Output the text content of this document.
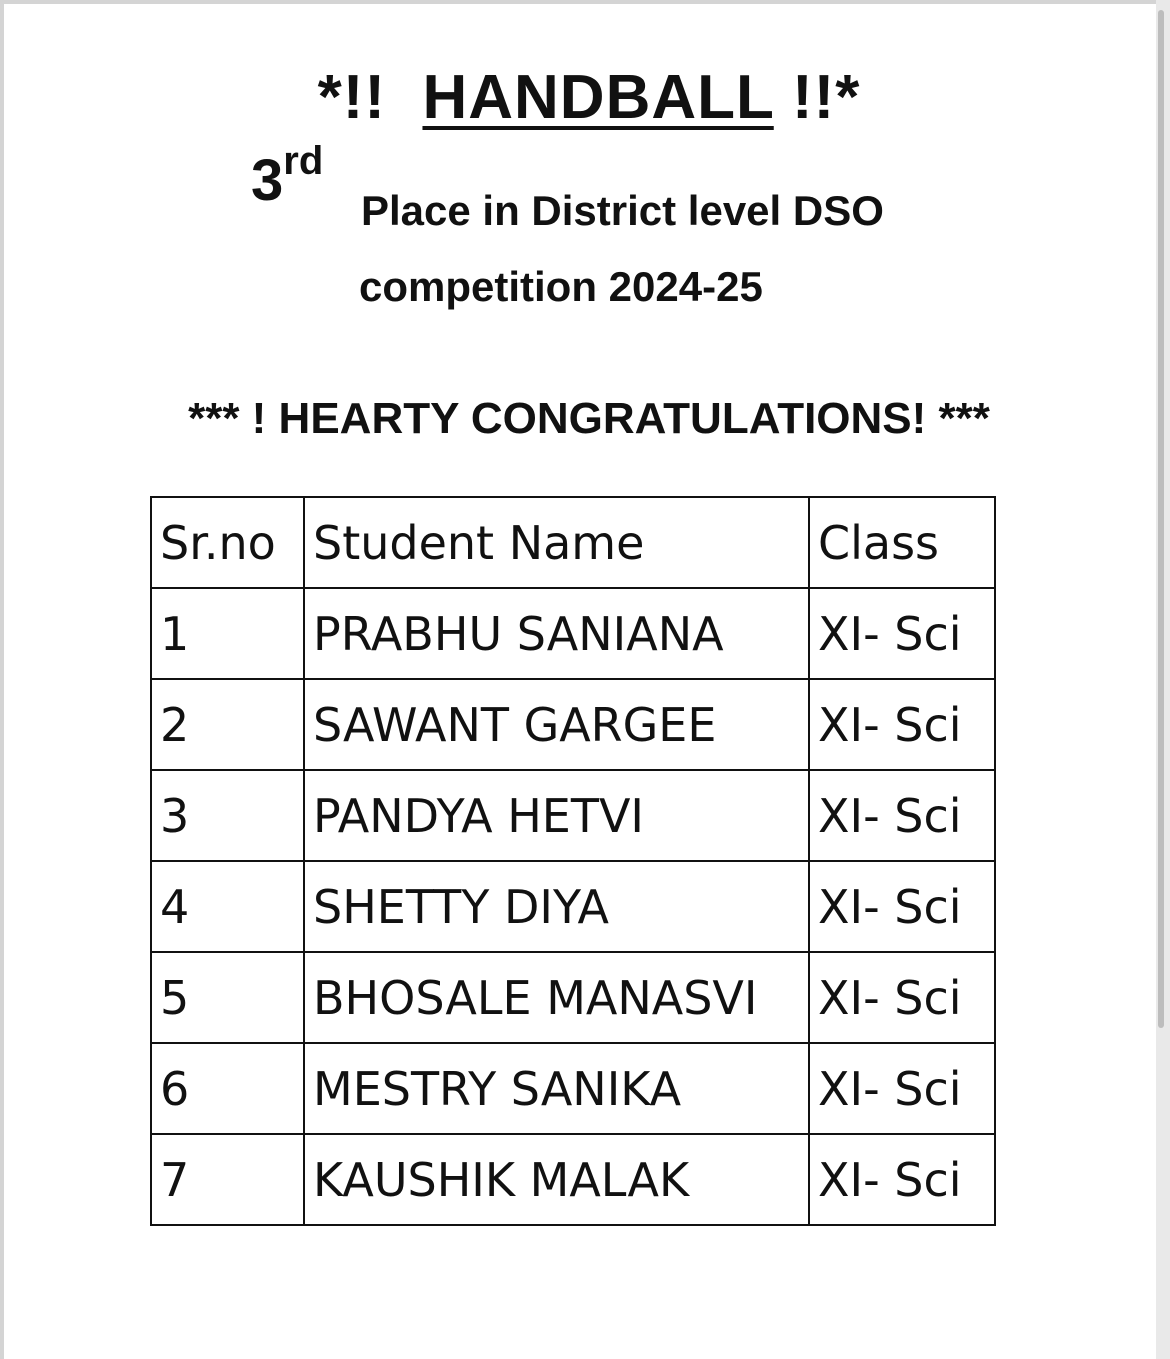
*!!  HANDBALL !!*
3rd
Place in District level DSO
competition 2024-25
*** ! HEARTY CONGRATULATIONS! ***
Sr.no	Student Name	Class
1	PRABHU SANIANA	XI- Sci
2	SAWANT GARGEE	XI- Sci
3	PANDYA HETVI	XI- Sci
4	SHETTY DIYA	XI- Sci
5	BHOSALE MANASVI	XI- Sci
6	MESTRY SANIKA	XI- Sci
7	KAUSHIK MALAK	XI- Sci
